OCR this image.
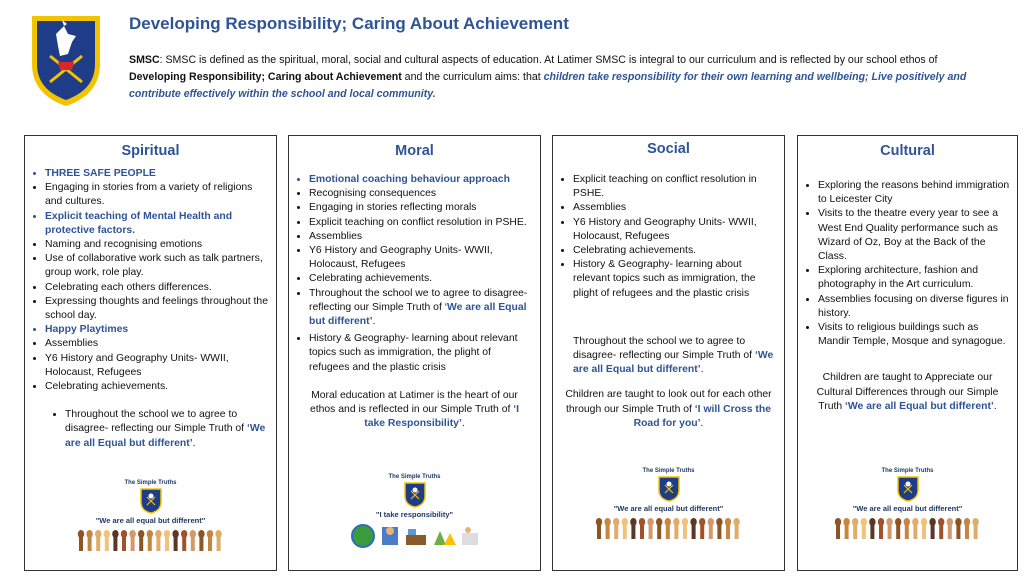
Developing Responsibility; Caring About Achievement
SMSC: SMSC is defined as the spiritual, moral, social and cultural aspects of education. At Latimer SMSC is integral to our curriculum and is reflected by our school ethos of Developing Responsibility; Caring about Achievement and the curriculum aims: that children take responsibility for their own learning and wellbeing; Live positively and contribute effectively within the school and local community.
Spiritual
• THREE SAFE PEOPLE
• Engaging in stories from a variety of religions and cultures.
• Explicit teaching of Mental Health and protective factors.
• Naming and recognising emotions
• Use of collaborative work such as talk partners, group work, role play.
• Celebrating each others differences.
• Expressing thoughts and feelings throughout the school day.
• Happy Playtimes
• Assemblies
• Y6 History and Geography Units- WWII, Holocaust, Refugees
• Celebrating achievements.
• Throughout the school we to agree to disagree- reflecting our Simple Truth of ‘We are all Equal but different’.
The Simple Truths
"We are all equal but different"
Moral
• Emotional coaching behaviour approach
• Recognising consequences
• Engaging in stories reflecting morals
• Explicit teaching on conflict resolution in PSHE.
• Assemblies
• Y6 History and Geography Units- WWII, Holocaust, Refugees
• Celebrating achievements.
• Throughout the school we to agree to disagree- reflecting our Simple Truth of ‘We are all Equal but different’.
• History & Geography- learning about relevant topics such as immigration, the plight of refugees and the plastic crisis
Moral education at Latimer is the heart of our ethos and is reflected in our Simple Truth of ‘I take Responsibility’.
The Simple Truths
"I take responsibility"
Social
• Explicit teaching on conflict resolution in PSHE.
• Assemblies
• Y6 History and Geography Units- WWII, Holocaust, Refugees
• Celebrating achievements.
• History & Geography- learning about relevant topics such as immigration, the plight of refugees and the plastic crisis
Throughout the school we to agree to disagree- reflecting our Simple Truth of ‘We are all Equal but different’.
Children are taught to look out for each other through our Simple Truth of ‘I will Cross the Road for you’.
The Simple Truths
"We are all equal but different"
Cultural
• Exploring the reasons behind immigration to Leicester City
• Visits to the theatre every year to see a West End Quality performance such as Wizard of Oz, Boy at the Back of the Class.
• Exploring architecture, fashion and photography in the Art curriculum.
• Assemblies focusing on diverse figures in history.
• Visits to religious buildings such as Mandir Temple, Mosque and synagogue.
Children are taught to Appreciate our Cultural Differences through our Simple Truth ‘We are all Equal but different’.
The Simple Truths
"We are all equal but different"
